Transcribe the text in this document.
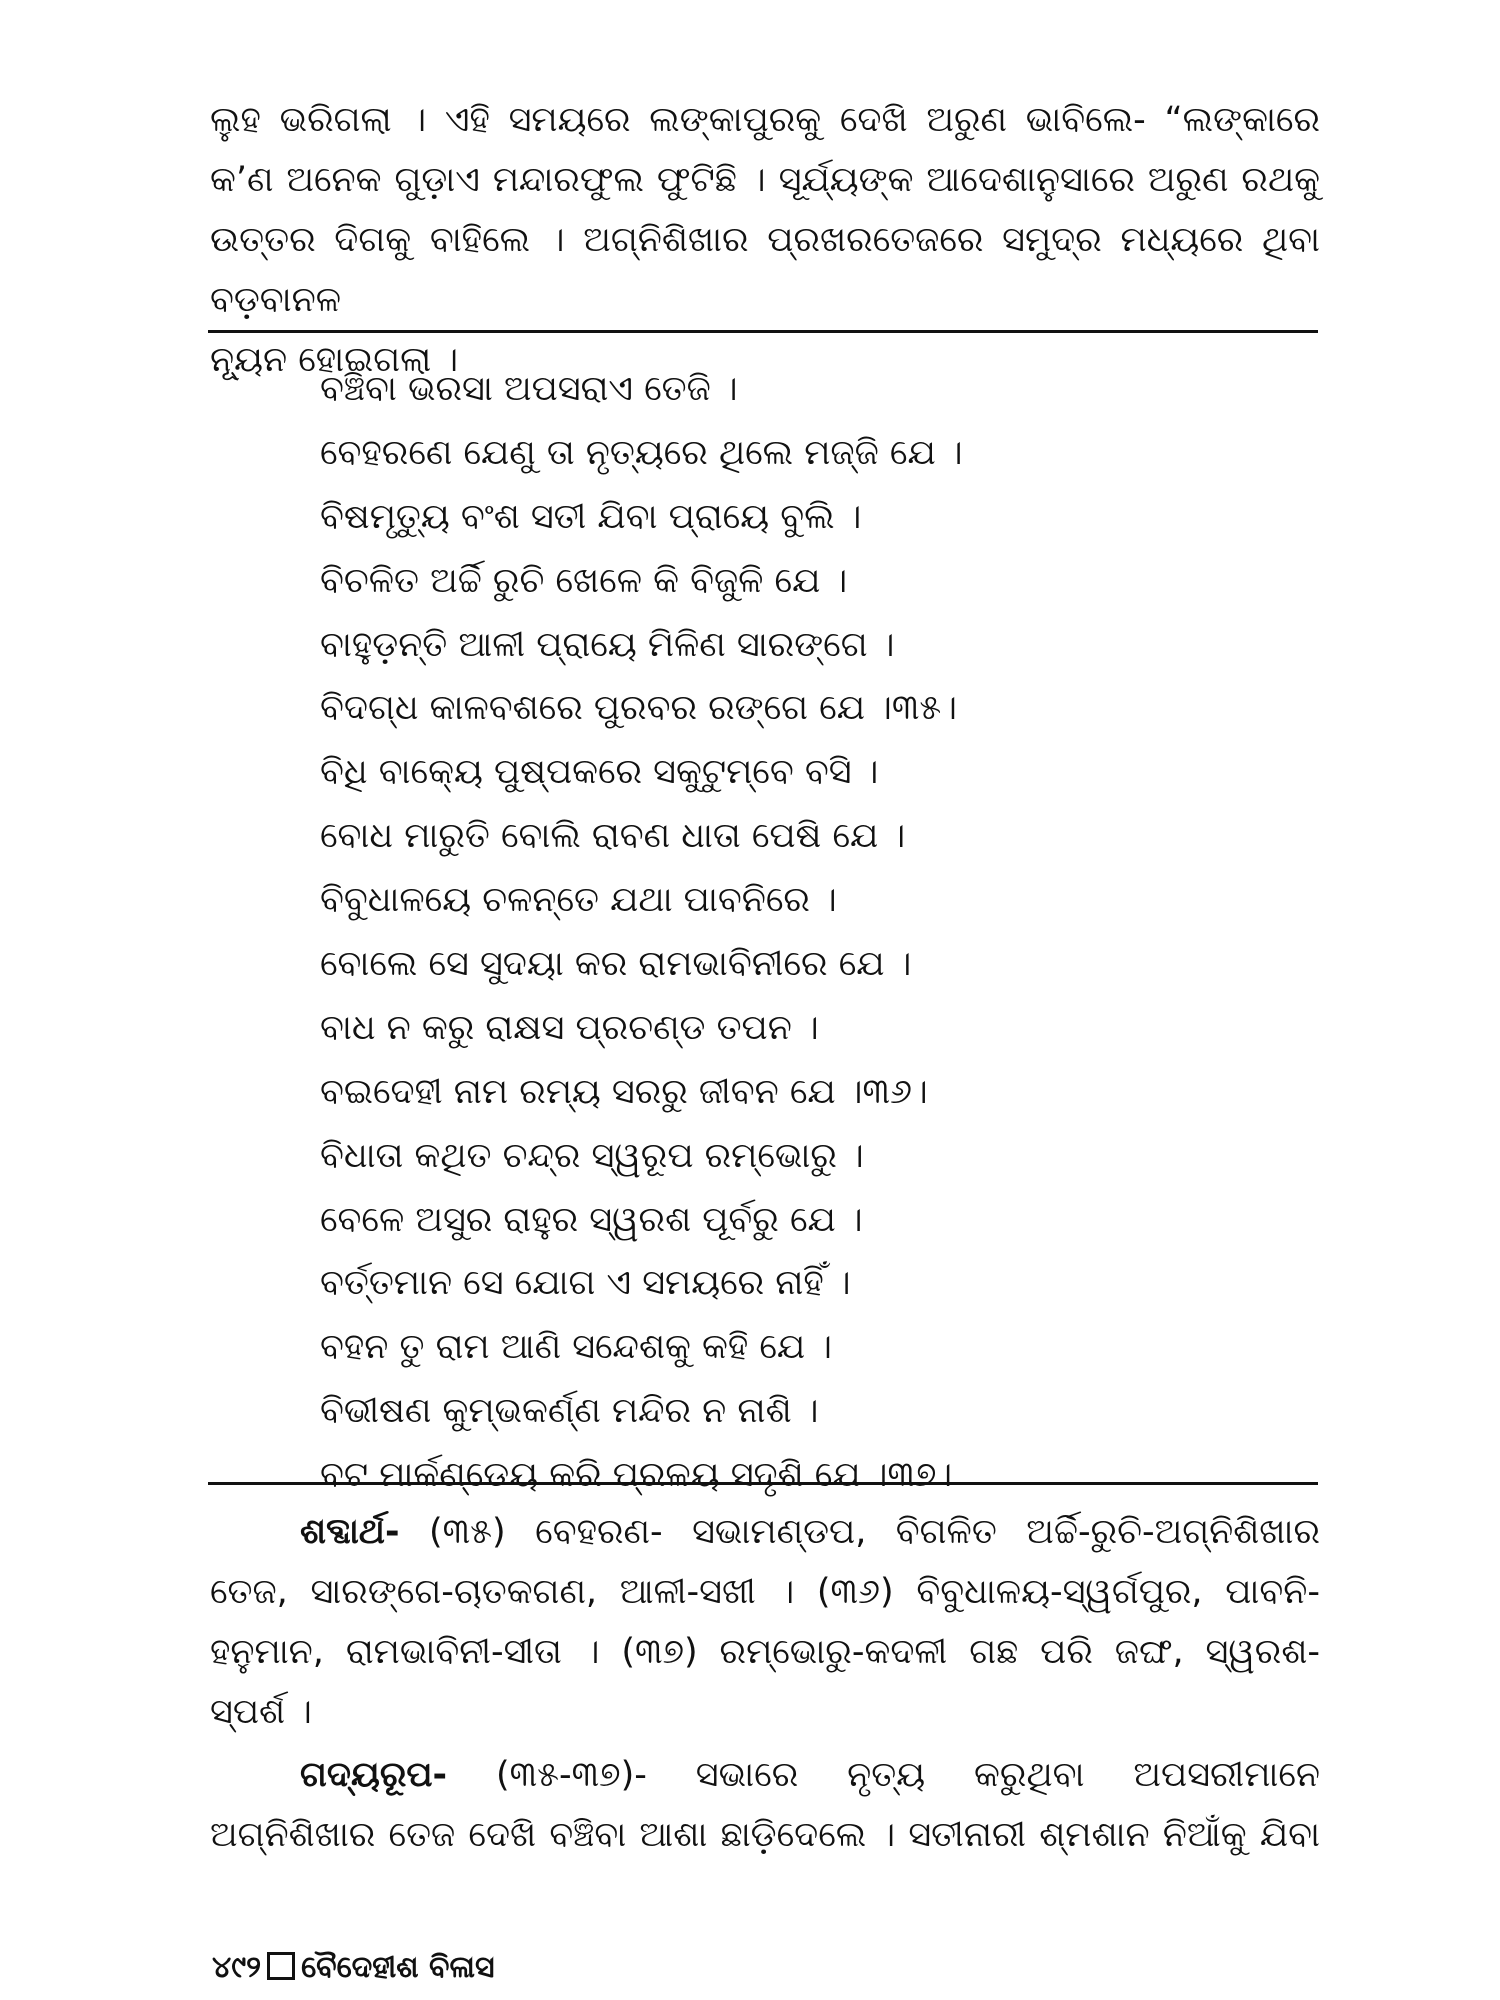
ଲୁହ ଭରିଗଲା । ଏହି ସମୟରେ ଲଙ୍କାପୁରକୁ ଦେଖି ଅରୁଣ ଭାବିଲେ- “ଲଙ୍କାରେ

କ’ଣ ଅନେକ ଗୁଡ଼ାଏ ମନ୍ଦାରଫୁଲ ଫୁଟିଛି । ସୂର୍ଯ୍ୟଙ୍କ ଆଦେଶାନୁସାରେ ଅରୁଣ ରଥକୁ

ଉତ୍ତର ଦିଗକୁ ବାହିଲେ । ଅଗ୍ନିଶିଖାର ପ୍ରଖରତେଜରେ ସମୁଦ୍ର ମଧ୍ୟରେ ଥିବା ବଡ଼ବାନଳ

ନ୍ୟୂନ ହୋଇଗଲା ।

ବଞ୍ଚିବା ଭରସା ଅପସରାଏ ତେଜି ।
ବେହରଣେ ଯେଣୁ ତା ନୃତ୍ୟରେ ଥିଲେ ମଜ୍ଜି ଯେ ।
ବିଷମୃତ୍ୟୁ ବଂଶ ସତୀ ଯିବା ପ୍ରାୟେ ବୁଲି ।
ବିଚଳିତ ଅର୍ଚ୍ଚି ରୁଚି ଖେଳେ କି ବିଜୁଳି ଯେ ।
ବାହୁଡ଼ନ୍ତି ଆଳୀ ପ୍ରାୟେ ମିଳିଣ ସାରଙ୍ଗେ ।
ବିଦଗ୍ଧ କାଳବଶରେ ପୁରବର ରଙ୍ଗେ ଯେ ।୩୫।
ବିଧି ବାକ୍ୟେ ପୁଷ୍ପକରେ ସକୁଟୁମ୍ବେ ବସି ।
ବୋଧ ମାରୁତି ବୋଲି ରାବଣ ଧାତା ପେଷି ଯେ ।
ବିବୁଧାଳୟେ ଚଳନ୍ତେ ଯଥା ପାବନିରେ ।
ବୋଲେ ସେ ସୁଦୟା କର ରାମଭାବିନୀରେ ଯେ ।
ବାଧ ନ କରୁ ରାକ୍ଷସ ପ୍ରଚଣ୍ଡ ତପନ ।
ବଇଦେହୀ ନାମ ରମ୍ୟ ସରରୁ ଜୀବନ ଯେ ।୩୬।
ବିଧାତା କଥିତ ଚନ୍ଦ୍ର ସ୍ୱରୂପ ରମ୍ଭୋରୁ ।
ବେଳେ ଅସୁର ରାହୁର ସ୍ୱରଶ ପୂର୍ବରୁ ଯେ ।
ବର୍ତ୍ତମାନ ସେ ଯୋଗ ଏ ସମୟରେ ନାହିଁ ।
ବହନ ତୁ ରାମ ଆଣି ସନ୍ଦେଶକୁ କହି ଯେ ।
ବିଭୀଷଣ କୁମ୍ଭକର୍ଣ୍ଣ ମନ୍ଦିର ନ ନାଶି ।
ବଟ ମାର୍କଣ୍ଡେୟ କରି ପ୍ରଳୟ ସଦୃଶି ଯେ ।୩୭।

ଶବ୍ଦାର୍ଥ- (୩୫) ବେହରଣ- ସଭାମଣ୍ଡପ, ବିଗଳିତ ଅର୍ଚ୍ଚି-ରୁଚି-ଅଗ୍ନିଶିଖାର

ତେଜ, ସାରଙ୍ଗେ-ଚାତକଗଣ, ଆଳୀ-ସଖୀ । (୩୬) ବିବୁଧାଳୟ-ସ୍ୱର୍ଗପୁର, ପାବନି-

ହନୁମାନ, ରାମଭାବିନୀ-ସୀତା । (୩୭) ରମ୍ଭୋରୁ-କଦଳୀ ଗଛ ପରି ଜଙ୍ଘ, ସ୍ୱରଶ-

ସ୍ପର୍ଶ ।

ଗଦ୍ୟରୂପ- (୩୫-୩୭)- ସଭାରେ ନୃତ୍ୟ କରୁଥିବା ଅପସରୀମାନେ

ଅଗ୍ନିଶିଖାର ତେଜ ଦେଖି ବଞ୍ଚିବା ଆଶା ଛାଡ଼ିଦେଲେ । ସତୀନାରୀ ଶ୍ମଶାନ ନିଆଁକୁ ଯିବା

୪୯୨ ବୈଦେହୀଶ ବିଳାସ
